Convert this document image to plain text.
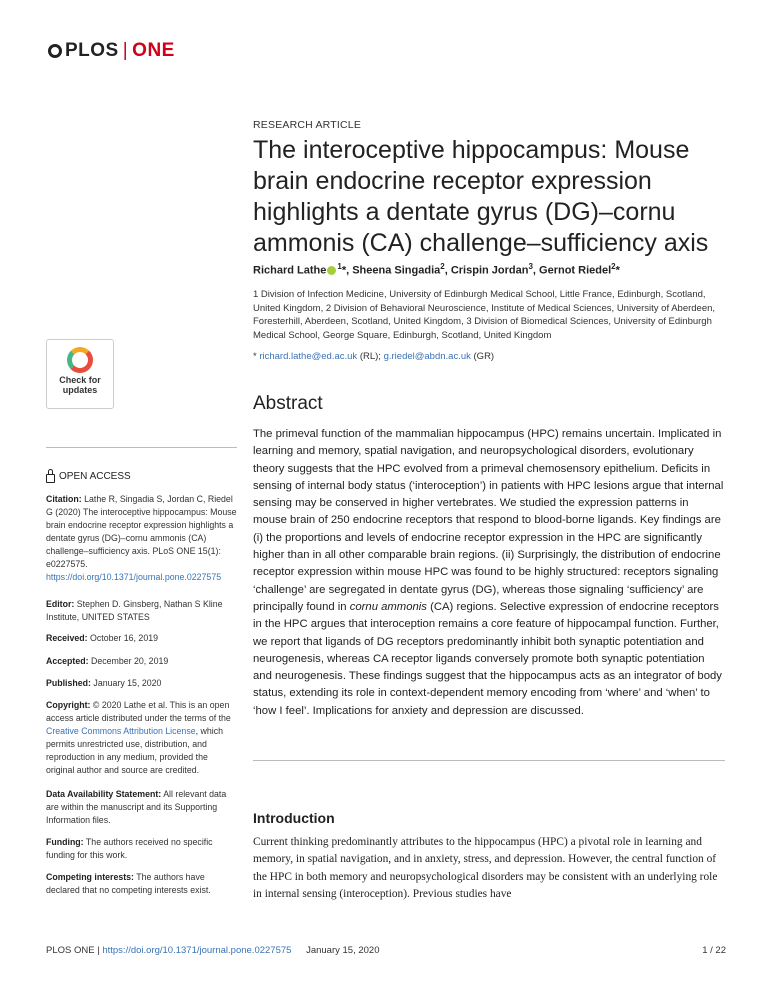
PLOS | ONE
RESEARCH ARTICLE
The interoceptive hippocampus: Mouse brain endocrine receptor expression highlights a dentate gyrus (DG)–cornu ammonis (CA) challenge–sufficiency axis
Richard Lathe $^1$*, Sheena Singadia$^2$, Crispin Jordan$^3$, Gernot Riedel$^2$*
1 Division of Infection Medicine, University of Edinburgh Medical School, Little France, Edinburgh, Scotland, United Kingdom, 2 Division of Behavioral Neuroscience, Institute of Medical Sciences, University of Aberdeen, Foresterhill, Aberdeen, Scotland, United Kingdom, 3 Division of Biomedical Sciences, University of Edinburgh Medical School, George Square, Edinburgh, Scotland, United Kingdom
* richard.lathe@ed.ac.uk (RL); g.riedel@abdn.ac.uk (GR)
Abstract

The primeval function of the mammalian hippocampus (HPC) remains uncertain. Implicated in learning and memory, spatial navigation, and neuropsychological disorders, evolutionary theory suggests that the HPC evolved from a primeval chemosensory epithelium. Deficits in sensing of internal body status (‘interoception’) in patients with HPC lesions argue that internal sensing may be conserved in higher vertebrates. We studied the expression patterns in mouse brain of 250 endocrine receptors that respond to blood-borne ligands. Key findings are (i) the proportions and levels of endocrine receptor expression in the HPC are significantly higher than in all other comparable brain regions. (ii) Surprisingly, the distribution of endocrine receptor expression within mouse HPC was found to be highly structured: receptors signaling ‘challenge’ are segregated in dentate gyrus (DG), whereas those signaling ‘sufficiency’ are principally found in cornu ammonis (CA) regions. Selective expression of endocrine receptors in the HPC argues that interoception remains a core feature of hippocampal function. Further, we report that ligands of DG receptors predominantly inhibit both synaptic potentiation and neurogenesis, whereas CA receptor ligands conversely promote both synaptic potentiation and neurogenesis. These findings suggest that the hippocampus acts as an integrator of body status, extending its role in context-dependent memory encoding from ‘where’ and ‘when’ to ‘how I feel’. Implications for anxiety and depression are discussed.

Introduction

Current thinking predominantly attributes to the hippocampus (HPC) a pivotal role in learning and memory, in spatial navigation, and in anxiety, stress, and depression. However, the central function of the HPC in both memory and neuropsychological disorders may be consistent with an underlying role in internal sensing (interoception). Previous studies have

Check for updates
OPEN ACCESS

Citation: Lathe R, Singadia S, Jordan C, Riedel G (2020) The interoceptive hippocampus: Mouse brain endocrine receptor expression highlights a dentate gyrus (DG)–cornu ammonis (CA) challenge–sufficiency axis. PLoS ONE 15(1): e0227575. https://doi.org/10.1371/journal.pone.0227575

Editor: Stephen D. Ginsberg, Nathan S Kline Institute, UNITED STATES

Received: October 16, 2019

Accepted: December 20, 2019

Published: January 15, 2020

Copyright: © 2020 Lathe et al. This is an open access article distributed under the terms of the Creative Commons Attribution License, which permits unrestricted use, distribution, and reproduction in any medium, provided the original author and source are credited.

Data Availability Statement: All relevant data are within the manuscript and its Supporting Information files.

Funding: The authors received no specific funding for this work.

Competing interests: The authors have declared that no competing interests exist.

PLOS ONE | https://doi.org/10.1371/journal.pone.0227575 January 15, 2020	1 / 22
